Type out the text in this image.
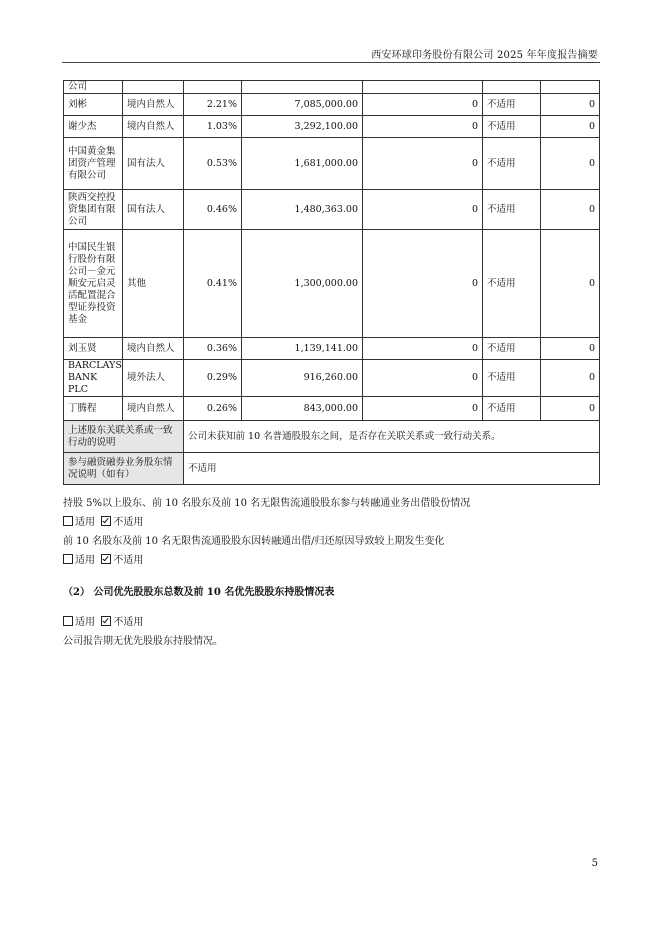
西安环球印务股份有限公司 2025 年年度报告摘要
公司						
刘彬	境内自然人	2.21%	7,085,000.00	0	不适用	0
谢少杰	境内自然人	1.03%	3,292,100.00	0	不适用	0
中国黄金集团资产管理有限公司	国有法人	0.53%	1,681,000.00	0	不适用	0
陕西交控投资集团有限公司	国有法人	0.46%	1,480,363.00	0	不适用	0
中国民生银行股份有限公司－金元顺安元启灵活配置混合型证券投资基金	其他	0.41%	1,300,000.00	0	不适用	0
刘玉贤	境内自然人	0.36%	1,139,141.00	0	不适用	0
BARCLAYS BANK PLC	境外法人	0.29%	916,260.00	0	不适用	0
丁腾程	境内自然人	0.26%	843,000.00	0	不适用	0
上述股东关联关系或一致行动的说明		公司未获知前 10 名普通股股东之间，是否存在关联关系或一致行动关系。				
参与融资融券业务股东情况说明（如有）		不适用				
持股 5%以上股东、前 10 名股东及前 10 名无限售流通股股东参与转融通业务出借股份情况
适用 不适用
前 10 名股东及前 10 名无限售流通股股东因转融通出借/归还原因导致较上期发生变化
适用 不适用
（2） 公司优先股股东总数及前 10 名优先股股东持股情况表
适用 不适用
公司报告期无优先股股东持股情况。
5
